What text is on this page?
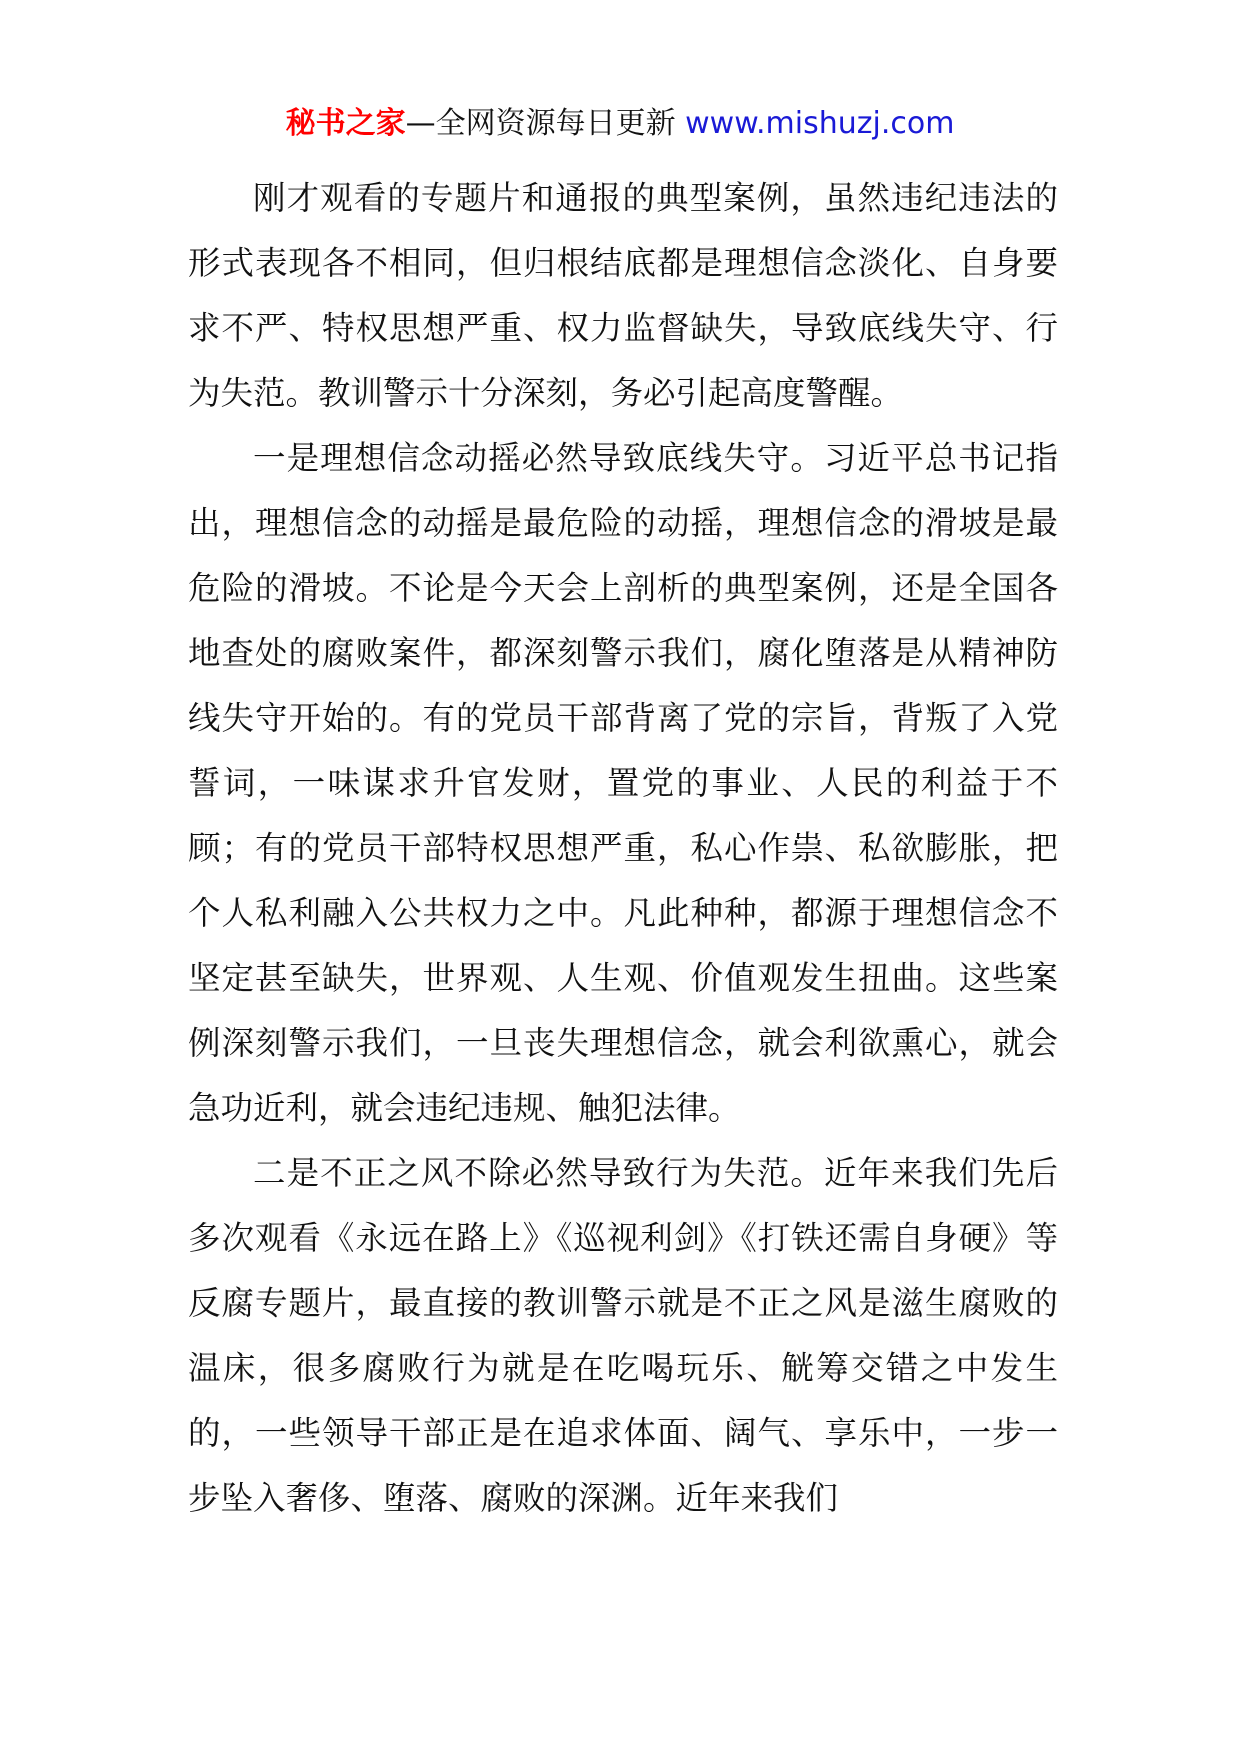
秘书之家—全网资源每日更新 www.mishuzj.com

刚才观看的专题片和通报的典型案例，虽然违纪违法的形式表现各不相同，但归根结底都是理想信念淡化、自身要求不严、特权思想严重、权力监督缺失，导致底线失守、行为失范。教训警示十分深刻，务必引起高度警醒。

一是理想信念动摇必然导致底线失守。习近平总书记指出，理想信念的动摇是最危险的动摇，理想信念的滑坡是最危险的滑坡。不论是今天会上剖析的典型案例，还是全国各地查处的腐败案件，都深刻警示我们，腐化堕落是从精神防线失守开始的。有的党员干部背离了党的宗旨，背叛了入党誓词，一味谋求升官发财，置党的事业、人民的利益于不顾；有的党员干部特权思想严重，私心作祟、私欲膨胀，把个人私利融入公共权力之中。凡此种种，都源于理想信念不坚定甚至缺失，世界观、人生观、价值观发生扭曲。这些案例深刻警示我们，一旦丧失理想信念，就会利欲熏心，就会急功近利，就会违纪违规、触犯法律。

二是不正之风不除必然导致行为失范。近年来我们先后多次观看《永远在路上》《巡视利剑》《打铁还需自身硬》等反腐专题片，最直接的教训警示就是不正之风是滋生腐败的温床，很多腐败行为就是在吃喝玩乐、觥筹交错之中发生的，一些领导干部正是在追求体面、阔气、享乐中，一步一步坠入奢侈、堕落、腐败的深渊。近年来我们
